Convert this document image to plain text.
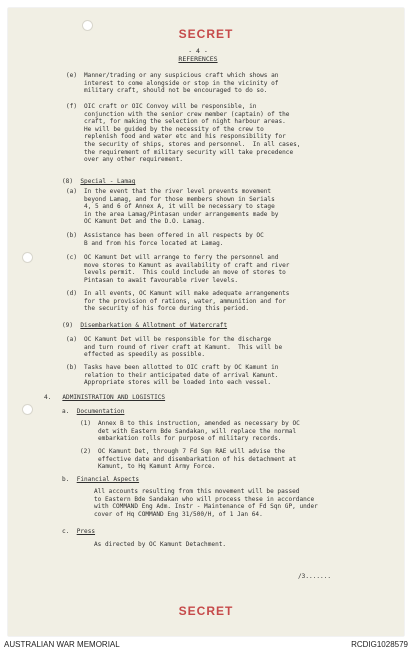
SECRET
- 4 -
REFERENCES

(e) Manner/trading or any suspicious craft which shows an

interest to come alongside or stop in the vicinity of

military craft, should not be encouraged to do so.

(f) OIC craft or OIC Convoy will be responsible, in

conjunction with the senior crew member (captain) of the

craft, for making the selection of night harbour areas.

He will be guided by the necessity of the crew to

replenish food and water etc and his responsibility for

the security of ships, stores and personnel.  In all cases,

the requirement of military security will take precedence

over any other requirement.

(8) Special - Lamag

(a) In the event that the river level prevents movement

beyond Lamag, and for those members shown in Serials

4, 5 and 6 of Annex A, it will be necessary to stage

in the area Lamag/Pintasan under arrangements made by

OC Kamunt Det and the D.O. Lamag.

(b) Assistance has been offered in all respects by OC

B and from his force located at Lamag.

(c) OC Kamunt Det will arrange to ferry the personnel and

move stores to Kamunt as availability of craft and river

levels permit.  This could include an move of stores to

Pintasan to await favourable river levels.

(d) In all events, OC Kamunt will make adequate arrangements

for the provision of rations, water, ammunition and for

the security of his force during this period.

(9) Disembarkation & Allotment of Watercraft

(a) OC Kamunt Det will be responsible for the discharge

and turn round of river craft at Kamunt.  This will be

effected as speedily as possible.

(b) Tasks have been allotted to OIC craft by OC Kamunt in

relation to their anticipated date of arrival Kamunt.

Appropriate stores will be loaded into each vessel.

4. ADMINISTRATION AND LOGISTICS

a. Documentation

(1) Annex B to this instruction, amended as necessary by OC

det with Eastern Bde Sandakan, will replace the normal

embarkation rolls for purpose of military records.

(2) OC Kamunt Det, through 7 Fd Sqn RAE will advise the

effective date and disembarkation of his detachment at

Kamunt, to Hq Kamunt Army Force.

b. Financial Aspects

All accounts resulting from this movement will be passed

to Eastern Bde Sandakan who will process these in accordance

with COMMAND Eng Adm. Instr - Maintenance of Fd Sqn GP, under

cover of Hq COMMAND Eng 31/500/H, of 1 Jan 64.

c. Press

As directed by OC Kamunt Detachment.

/3.......

SECRET
AUSTRALIAN WAR MEMORIAL	RCDIG1028579
